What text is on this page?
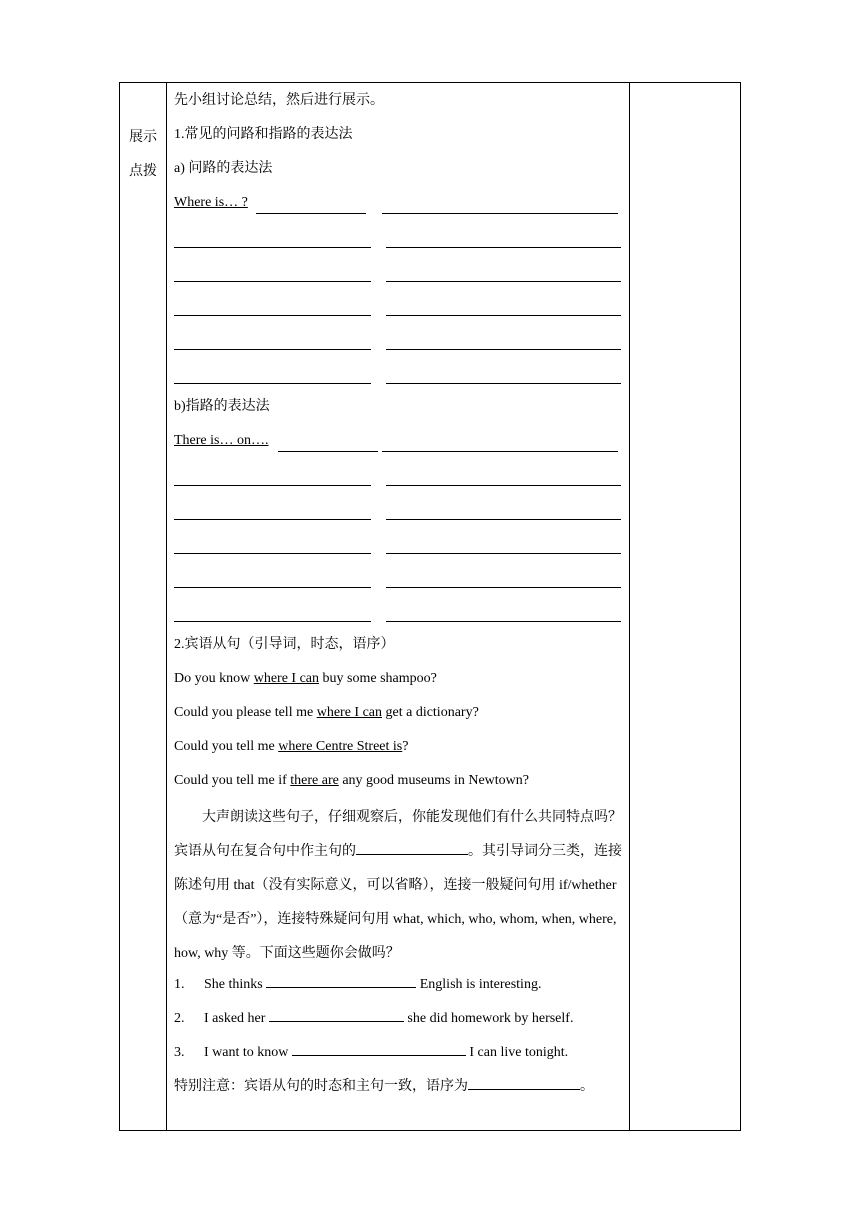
展示
点拨
先小组讨论总结，然后进行展示。
1.常见的问路和指路的表达法
a) 问路的表达法
Where is… ?
b)指路的表达法
There is… on….
2.宾语从句（引导词，时态，语序）
Do you know where I can buy some shampoo?
Could you please tell me where I can get a dictionary?
Could you tell me where Centre Street is?
Could you tell me if there are any good museums in Newtown?
大声朗读这些句子，仔细观察后，你能发现他们有什么共同特点吗？
宾语从句在复合句中作主句的	。其引导词分三类，连接陈述句用 that（没有实际意义，可以省略），连接一般疑问句用 if/whether （意为“是否”），连接特殊疑问句用 what, which, who, whom, when, where, how, why 等。下面这些题你会做吗？
1. She thinks	English is interesting.
2. I asked her	she did homework by herself.
3. I want to know	I can live tonight.
特别注意：宾语从句的时态和主句一致，语序为	。
